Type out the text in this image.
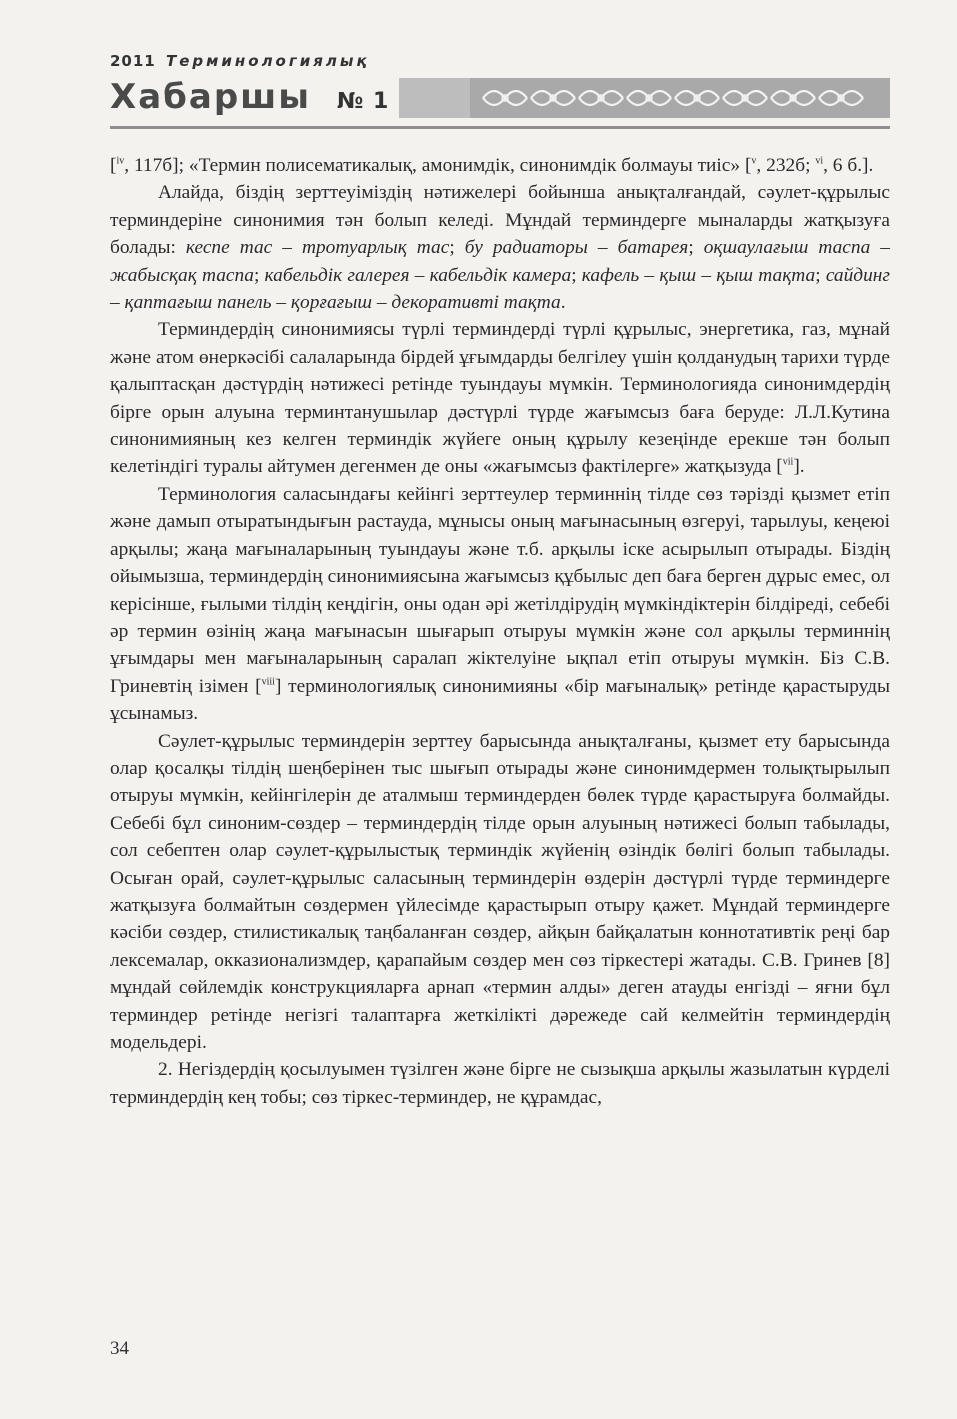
2011 Терминологиялық
Хабаршы № 1

[$^{iv}$, 117б]; «Термин полисематикалық, амонимдік, синонимдік болмауы тиіс» [$^v$, 232б; $^{vi}$, 6 б.].

Алайда, біздің зерттеуіміздің нәтижелері бойынша анықталғандай, сәулет-құрылыс терминдеріне синонимия тән болып келеді. Мұндай терминдерге мыналарды жатқызуға болады: кеспе тас – тротуарлық тас; бу радиаторы – батарея; оқшаулағыш таспа – жабысқақ таспа; кабельдік галерея – кабельдік камера; кафель – қыш – қыш тақта; сайдинг – қаптағыш панель – қорғағыш – декоративті тақта.

Терминдердің синонимиясы түрлі терминдерді түрлі құрылыс, энергетика, газ, мұнай және атом өнеркәсібі салаларында бірдей ұғымдарды белгілеу үшін қолданудың тарихи түрде қалыптасқан дәстүрдің нәтижесі ретінде туындауы мүмкін. Терминологияда синонимдердің бірге орын алуына терминтанушылар дәстүрлі түрде жағымсыз баға беруде: Л.Л.Кутина синонимияның кез келген терминдік жүйеге оның құрылу кезеңінде ерекше тән болып келетіндігі туралы айтумен дегенмен де оны «жағымсыз фактілерге» жатқызуда [$^{vii}$].

Терминология саласындағы кейінгі зерттеулер терминнің тілде сөз тәрізді қызмет етіп және дамып отыратындығын растауда, мұнысы оның мағынасының өзгеруі, тарылуы, кеңеюі арқылы; жаңа мағыналарының туындауы және т.б. арқылы іске асырылып отырады. Біздің ойымызша, терминдердің синонимиясына жағымсыз құбылыс деп баға берген дұрыс емес, ол керісінше, ғылыми тілдің кеңдігін, оны одан әрі жетілдірудің мүмкіндіктерін білдіреді, себебі әр термин өзінің жаңа мағынасын шығарып отыруы мүмкін және сол арқылы терминнің ұғымдары мен мағыналарының саралап жіктелуіне ықпал етіп отыруы мүмкін. Біз С.В. Гриневтің ізімен [$^{viii}$] терминологиялық синонимияны «бір мағыналық» ретінде қарастыруды ұсынамыз.

Сәулет-құрылыс терминдерін зерттеу барысында анықталғаны, қызмет ету барысында олар қосалқы тілдің шеңберінен тыс шығып отырады және синонимдермен толықтырылып отыруы мүмкін, кейінгілерін де аталмыш терминдерден бөлек түрде қарастыруға болмайды. Себебі бұл синоним-сөздер – терминдердің тілде орын алуының нәтижесі болып табылады, сол себептен олар сәулет-құрылыстық терминдік жүйенің өзіндік бөлігі болып табылады. Осыған орай, сәулет-құрылыс саласының терминдерін өздерін дәстүрлі түрде терминдерге жатқызуға болмайтын сөздермен үйлесімде қарастырып отыру қажет. Мұндай терминдерге кәсіби сөздер, стилистикалық таңбаланған сөздер, айқын байқалатын коннотативтік реңі бар лексемалар, окказионализмдер, қарапайым сөздер мен сөз тіркестері жатады. С.В. Гринев [8] мұндай сөйлемдік конструкцияларға арнап «термин алды» деген атауды енгізді – яғни бұл терминдер ретінде негізгі талаптарға жеткілікті дәрежеде сай келмейтін терминдердің модельдері.

2. Негіздердің қосылуымен түзілген және бірге не сызықша арқылы жазылатын күрделі терминдердің кең тобы; сөз тіркес-терминдер, не құрамдас,

34
